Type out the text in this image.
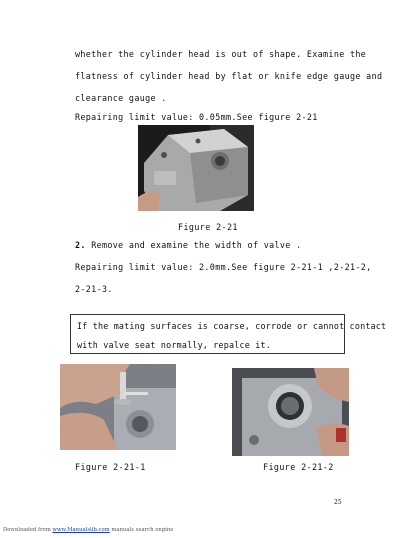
whether the cylinder head is out of shape. Examine the
flatness of cylinder head by flat or knife edge gauge and
clearance gauge .
Repairing limit value: 0.05mm.See figure 2-21
Figure 2-21
2. Remove and examine the width of valve .
Repairing limit value: 2.0mm.See figure 2-21-1 ,2-21-2,
2-21-3.
If the mating surfaces is coarse, corrode or cannot contact
with valve seat normally, repalce it.
Figure 2-21-1	Figure 2-21-2
25
Downloaded from www.Manualslib.com manuals search engine
